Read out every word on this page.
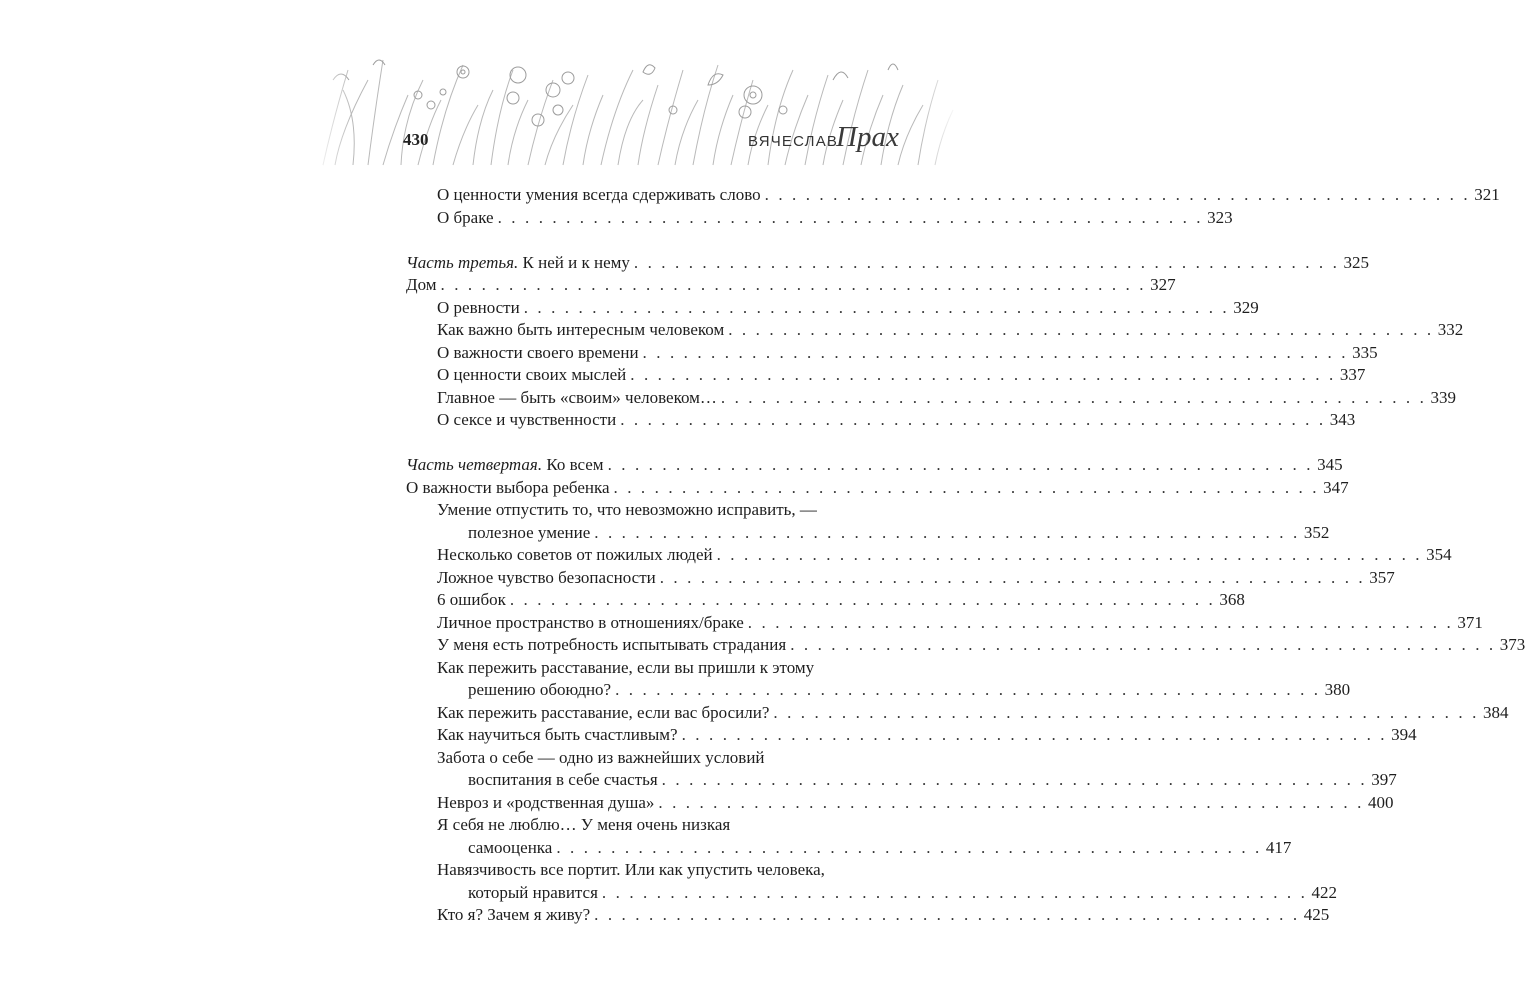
430	ВЯЧЕСЛАВ
Прах
О ценности умения всегда сдерживать слово . . . . . . . . . . . . . . . . . . . . . . . . . . . . . . . . . . . . . . . . . . . . . . . . . . . . 321
О браке . . . . . . . . . . . . . . . . . . . . . . . . . . . . . . . . . . . . . . . . . . . . . . . . . . . . 323
Часть третья. К ней и к нему . . . . . . . . . . . . . . . . . . . . . . . . . . . . . . . . . . . . . . . . . . . . . . . . . . . . 325
Дом . . . . . . . . . . . . . . . . . . . . . . . . . . . . . . . . . . . . . . . . . . . . . . . . . . . . 327
О ревности . . . . . . . . . . . . . . . . . . . . . . . . . . . . . . . . . . . . . . . . . . . . . . . . . . . . 329
Как важно быть интересным человеком . . . . . . . . . . . . . . . . . . . . . . . . . . . . . . . . . . . . . . . . . . . . . . . . . . . . 332
О важности своего времени . . . . . . . . . . . . . . . . . . . . . . . . . . . . . . . . . . . . . . . . . . . . . . . . . . . . 335
О ценности своих мыслей . . . . . . . . . . . . . . . . . . . . . . . . . . . . . . . . . . . . . . . . . . . . . . . . . . . . 337
Главное — быть «своим» человеком… . . . . . . . . . . . . . . . . . . . . . . . . . . . . . . . . . . . . . . . . . . . . . . . . . . . . 339
О сексе и чувственности . . . . . . . . . . . . . . . . . . . . . . . . . . . . . . . . . . . . . . . . . . . . . . . . . . . . 343
Часть четвертая. Ко всем . . . . . . . . . . . . . . . . . . . . . . . . . . . . . . . . . . . . . . . . . . . . . . . . . . . . 345
О важности выбора ребенка . . . . . . . . . . . . . . . . . . . . . . . . . . . . . . . . . . . . . . . . . . . . . . . . . . . . 347
Умение отпустить то, что невозможно исправить, —
полезное умение . . . . . . . . . . . . . . . . . . . . . . . . . . . . . . . . . . . . . . . . . . . . . . . . . . . . 352
Несколько советов от пожилых людей . . . . . . . . . . . . . . . . . . . . . . . . . . . . . . . . . . . . . . . . . . . . . . . . . . . . 354
Ложное чувство безопасности . . . . . . . . . . . . . . . . . . . . . . . . . . . . . . . . . . . . . . . . . . . . . . . . . . . . 357
6 ошибок . . . . . . . . . . . . . . . . . . . . . . . . . . . . . . . . . . . . . . . . . . . . . . . . . . . . 368
Личное пространство в отношениях/браке . . . . . . . . . . . . . . . . . . . . . . . . . . . . . . . . . . . . . . . . . . . . . . . . . . . . 371
У меня есть потребность испытывать страдания . . . . . . . . . . . . . . . . . . . . . . . . . . . . . . . . . . . . . . . . . . . . . . . . . . . . 373
Как пережить расставание, если вы пришли к этому
решению обоюдно? . . . . . . . . . . . . . . . . . . . . . . . . . . . . . . . . . . . . . . . . . . . . . . . . . . . . 380
Как пережить расставание, если вас бросили? . . . . . . . . . . . . . . . . . . . . . . . . . . . . . . . . . . . . . . . . . . . . . . . . . . . . 384
Как научиться быть счастливым? . . . . . . . . . . . . . . . . . . . . . . . . . . . . . . . . . . . . . . . . . . . . . . . . . . . . 394
Забота о себе — одно из важнейших условий
воспитания в себе счастья . . . . . . . . . . . . . . . . . . . . . . . . . . . . . . . . . . . . . . . . . . . . . . . . . . . . 397
Невроз и «родственная душа» . . . . . . . . . . . . . . . . . . . . . . . . . . . . . . . . . . . . . . . . . . . . . . . . . . . . 400
Я себя не люблю… У меня очень низкая
самооценка . . . . . . . . . . . . . . . . . . . . . . . . . . . . . . . . . . . . . . . . . . . . . . . . . . . . 417
Навязчивость все портит. Или как упустить человека,
который нравится . . . . . . . . . . . . . . . . . . . . . . . . . . . . . . . . . . . . . . . . . . . . . . . . . . . . 422
Кто я? Зачем я живу? . . . . . . . . . . . . . . . . . . . . . . . . . . . . . . . . . . . . . . . . . . . . . . . . . . . . 425
